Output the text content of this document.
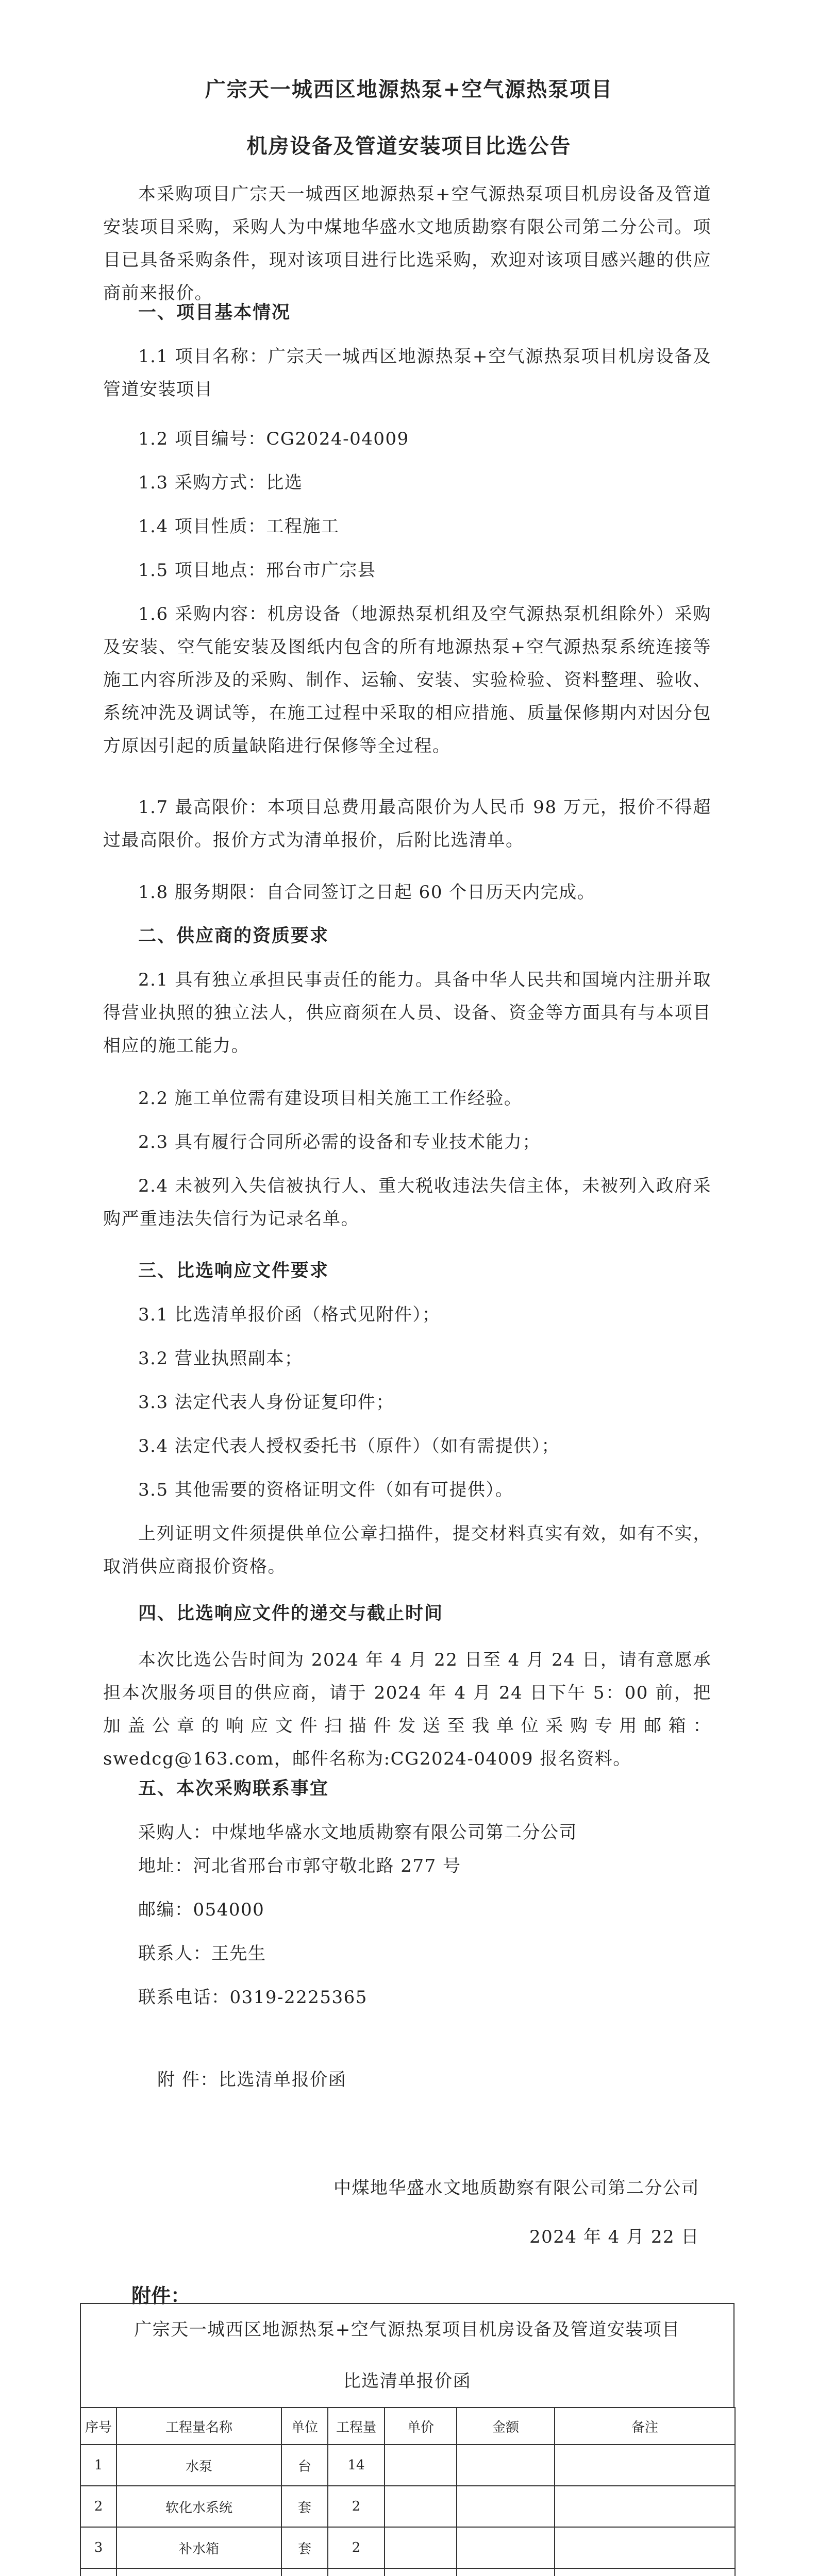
广宗天一城西区地源热泵+空气源热泵项目
机房设备及管道安装项目比选公告
本采购项目广宗天一城西区地源热泵+空气源热泵项目机房设备及管道安装项目采购，采购人为中煤地华盛水文地质勘察有限公司第二分公司。项目已具备采购条件，现对该项目进行比选采购，欢迎对该项目感兴趣的供应商前来报价。
一、项目基本情况
1.1 项目名称：广宗天一城西区地源热泵+空气源热泵项目机房设备及管道安装项目
1.2 项目编号：CG2024-04009
1.3 采购方式：比选
1.4 项目性质：工程施工
1.5 项目地点：邢台市广宗县
1.6 采购内容：机房设备（地源热泵机组及空气源热泵机组除外）采购及安装、空气能安装及图纸内包含的所有地源热泵+空气源热泵系统连接等施工内容所涉及的采购、制作、运输、安装、实验检验、资料整理、验收、系统冲洗及调试等，在施工过程中采取的相应措施、质量保修期内对因分包方原因引起的质量缺陷进行保修等全过程。
1.7 最高限价：本项目总费用最高限价为人民币 98 万元，报价不得超过最高限价。报价方式为清单报价，后附比选清单。
1.8 服务期限：自合同签订之日起 60 个日历天内完成。
二、供应商的资质要求
2.1 具有独立承担民事责任的能力。具备中华人民共和国境内注册并取得营业执照的独立法人，供应商须在人员、设备、资金等方面具有与本项目相应的施工能力。
2.2 施工单位需有建设项目相关施工工作经验。
2.3 具有履行合同所必需的设备和专业技术能力；
2.4 未被列入失信被执行人、重大税收违法失信主体，未被列入政府采购严重违法失信行为记录名单。
三、比选响应文件要求
3.1 比选清单报价函（格式见附件）；
3.2 营业执照副本；
3.3 法定代表人身份证复印件；
3.4 法定代表人授权委托书（原件）（如有需提供）；
3.5 其他需要的资格证明文件（如有可提供）。
上列证明文件须提供单位公章扫描件，提交材料真实有效，如有不实，取消供应商报价资格。
四、比选响应文件的递交与截止时间
本次比选公告时间为 2024 年 4 月 22 日至 4 月 24 日，请有意愿承担本次服务项目的供应商，请于 2024 年 4 月 24 日下午 5：00 前，把加盖公章的响应文件扫描件发送至我单位采购专用邮箱：swedcg@163.com，邮件名称为:CG2024-04009 报名资料。
五、本次采购联系事宜
采购人：中煤地华盛水文地质勘察有限公司第二分公司
地址：河北省邢台市郭守敬北路 277 号
邮编：054000
联系人：王先生
联系电话：0319-2225365
附 件：比选清单报价函
中煤地华盛水文地质勘察有限公司第二分公司
2024 年 4 月 22 日
附件：
广宗天一城西区地源热泵+空气源热泵项目机房设备及管道安装项目
比选清单报价函
序号	工程量名称	单位	工程量	单价	金额	备注
1	水泵	台	14			
2	软化水系统	套	2			
3	补水箱	套	2			
